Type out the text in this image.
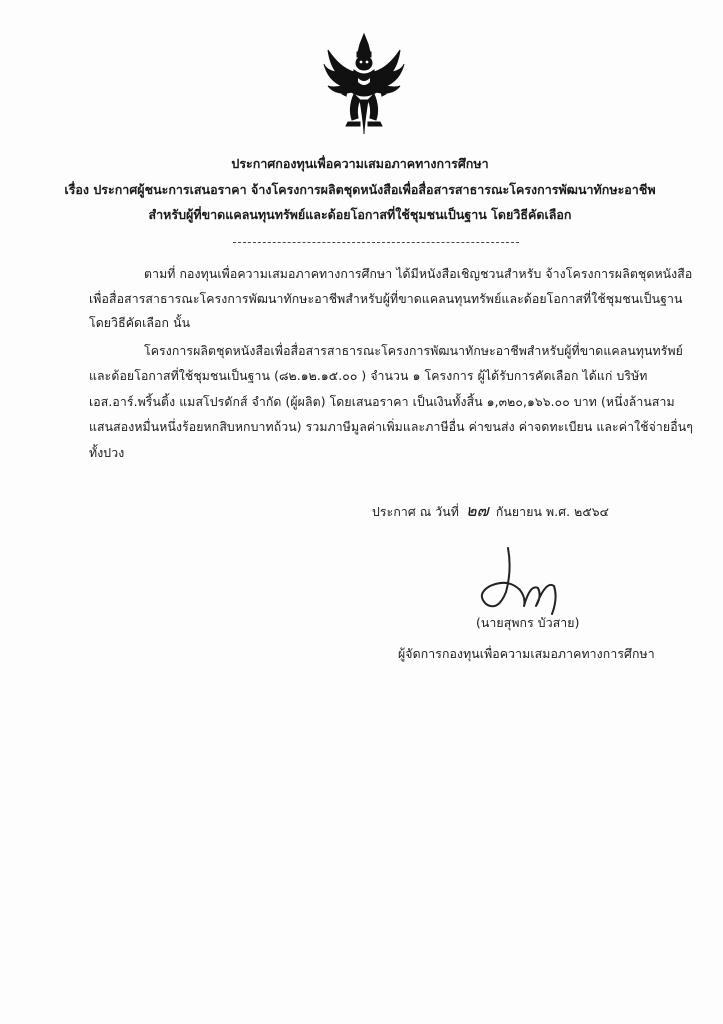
ประกาศกองทุนเพื่อความเสมอภาคทางการศึกษา
เรื่อง ประกาศผู้ชนะการเสนอราคา จ้างโครงการผลิตชุดหนังสือเพื่อสื่อสารสาธารณะโครงการพัฒนาทักษะอาชีพ
สำหรับผู้ที่ขาดแคลนทุนทรัพย์และด้อยโอกาสที่ใช้ชุมชนเป็นฐาน โดยวิธีคัดเลือก
ตามที่ กองทุนเพื่อความเสมอภาคทางการศึกษา ได้มีหนังสือเชิญชวนสำหรับ จ้างโครงการผลิตชุดหนังสือ
เพื่อสื่อสารสาธารณะโครงการพัฒนาทักษะอาชีพสำหรับผู้ที่ขาดแคลนทุนทรัพย์และด้อยโอกาสที่ใช้ชุมชนเป็นฐาน
โดยวิธีคัดเลือก นั้น
โครงการผลิตชุดหนังสือเพื่อสื่อสารสาธารณะโครงการพัฒนาทักษะอาชีพสำหรับผู้ที่ขาดแคลนทุนทรัพย์
และด้อยโอกาสที่ใช้ชุมชนเป็นฐาน (๘๒.๑๒.๑๕.๐๐ ) จำนวน ๑ โครงการ ผู้ได้รับการคัดเลือก ได้แก่ บริษัท
เอส.อาร์.พริ้นติ้ง แมสโปรดักส์ จำกัด (ผู้ผลิต) โดยเสนอราคา เป็นเงินทั้งสิ้น ๑,๓๒๐,๑๖๖.๐๐ บาท (หนึ่งล้านสาม
แสนสองหมื่นหนึ่งร้อยหกสิบหกบาทถ้วน) รวมภาษีมูลค่าเพิ่มและภาษีอื่น ค่าขนส่ง ค่าจดทะเบียน และค่าใช้จ่ายอื่นๆ
ทั้งปวง
ประกาศ ณ วันที่ ๒๗ กันยายน พ.ศ. ๒๕๖๔
(นายสุพกร บัวสาย)
ผู้จัดการกองทุนเพื่อความเสมอภาคทางการศึกษา
